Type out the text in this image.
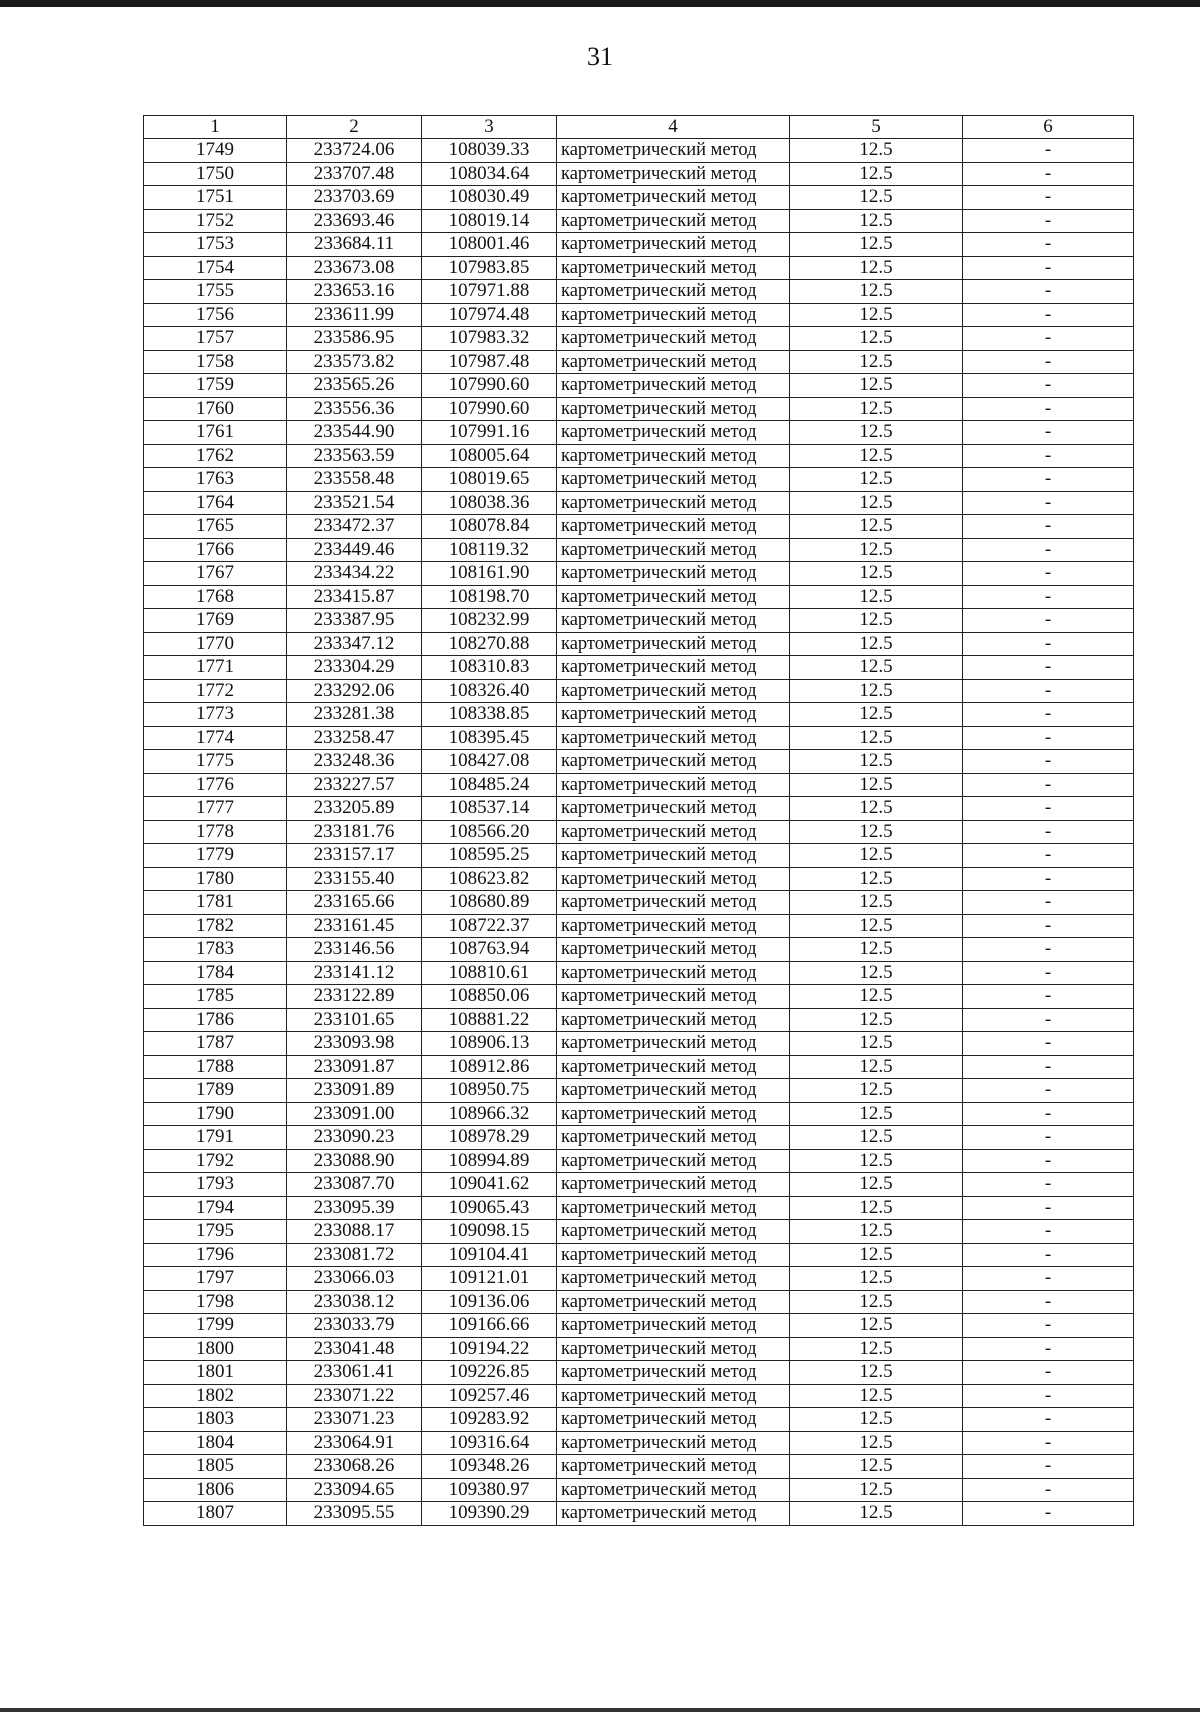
31
1	2	3	4	5	6
1749	233724.06	108039.33	картометрический метод	12.5	-
1750	233707.48	108034.64	картометрический метод	12.5	-
1751	233703.69	108030.49	картометрический метод	12.5	-
1752	233693.46	108019.14	картометрический метод	12.5	-
1753	233684.11	108001.46	картометрический метод	12.5	-
1754	233673.08	107983.85	картометрический метод	12.5	-
1755	233653.16	107971.88	картометрический метод	12.5	-
1756	233611.99	107974.48	картометрический метод	12.5	-
1757	233586.95	107983.32	картометрический метод	12.5	-
1758	233573.82	107987.48	картометрический метод	12.5	-
1759	233565.26	107990.60	картометрический метод	12.5	-
1760	233556.36	107990.60	картометрический метод	12.5	-
1761	233544.90	107991.16	картометрический метод	12.5	-
1762	233563.59	108005.64	картометрический метод	12.5	-
1763	233558.48	108019.65	картометрический метод	12.5	-
1764	233521.54	108038.36	картометрический метод	12.5	-
1765	233472.37	108078.84	картометрический метод	12.5	-
1766	233449.46	108119.32	картометрический метод	12.5	-
1767	233434.22	108161.90	картометрический метод	12.5	-
1768	233415.87	108198.70	картометрический метод	12.5	-
1769	233387.95	108232.99	картометрический метод	12.5	-
1770	233347.12	108270.88	картометрический метод	12.5	-
1771	233304.29	108310.83	картометрический метод	12.5	-
1772	233292.06	108326.40	картометрический метод	12.5	-
1773	233281.38	108338.85	картометрический метод	12.5	-
1774	233258.47	108395.45	картометрический метод	12.5	-
1775	233248.36	108427.08	картометрический метод	12.5	-
1776	233227.57	108485.24	картометрический метод	12.5	-
1777	233205.89	108537.14	картометрический метод	12.5	-
1778	233181.76	108566.20	картометрический метод	12.5	-
1779	233157.17	108595.25	картометрический метод	12.5	-
1780	233155.40	108623.82	картометрический метод	12.5	-
1781	233165.66	108680.89	картометрический метод	12.5	-
1782	233161.45	108722.37	картометрический метод	12.5	-
1783	233146.56	108763.94	картометрический метод	12.5	-
1784	233141.12	108810.61	картометрический метод	12.5	-
1785	233122.89	108850.06	картометрический метод	12.5	-
1786	233101.65	108881.22	картометрический метод	12.5	-
1787	233093.98	108906.13	картометрический метод	12.5	-
1788	233091.87	108912.86	картометрический метод	12.5	-
1789	233091.89	108950.75	картометрический метод	12.5	-
1790	233091.00	108966.32	картометрический метод	12.5	-
1791	233090.23	108978.29	картометрический метод	12.5	-
1792	233088.90	108994.89	картометрический метод	12.5	-
1793	233087.70	109041.62	картометрический метод	12.5	-
1794	233095.39	109065.43	картометрический метод	12.5	-
1795	233088.17	109098.15	картометрический метод	12.5	-
1796	233081.72	109104.41	картометрический метод	12.5	-
1797	233066.03	109121.01	картометрический метод	12.5	-
1798	233038.12	109136.06	картометрический метод	12.5	-
1799	233033.79	109166.66	картометрический метод	12.5	-
1800	233041.48	109194.22	картометрический метод	12.5	-
1801	233061.41	109226.85	картометрический метод	12.5	-
1802	233071.22	109257.46	картометрический метод	12.5	-
1803	233071.23	109283.92	картометрический метод	12.5	-
1804	233064.91	109316.64	картометрический метод	12.5	-
1805	233068.26	109348.26	картометрический метод	12.5	-
1806	233094.65	109380.97	картометрический метод	12.5	-
1807	233095.55	109390.29	картометрический метод	12.5	-
